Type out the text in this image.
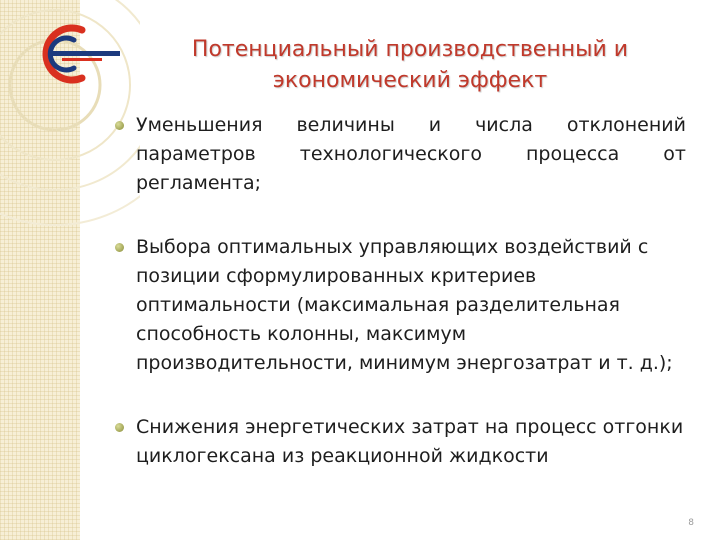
Потенциальный производственный и экономический эффект
Уменьшения величины и числа отклонений параметров технологического процесса от регламента;
Выбора оптимальных управляющих воздействий с позиции сформулированных критериев оптимальности (максимальная разделительная способность колонны, максимум производительности, минимум энергозатрат и т. д.);
Снижения энергетических затрат на процесс отгонки циклогексана из реакционной жидкости
8
